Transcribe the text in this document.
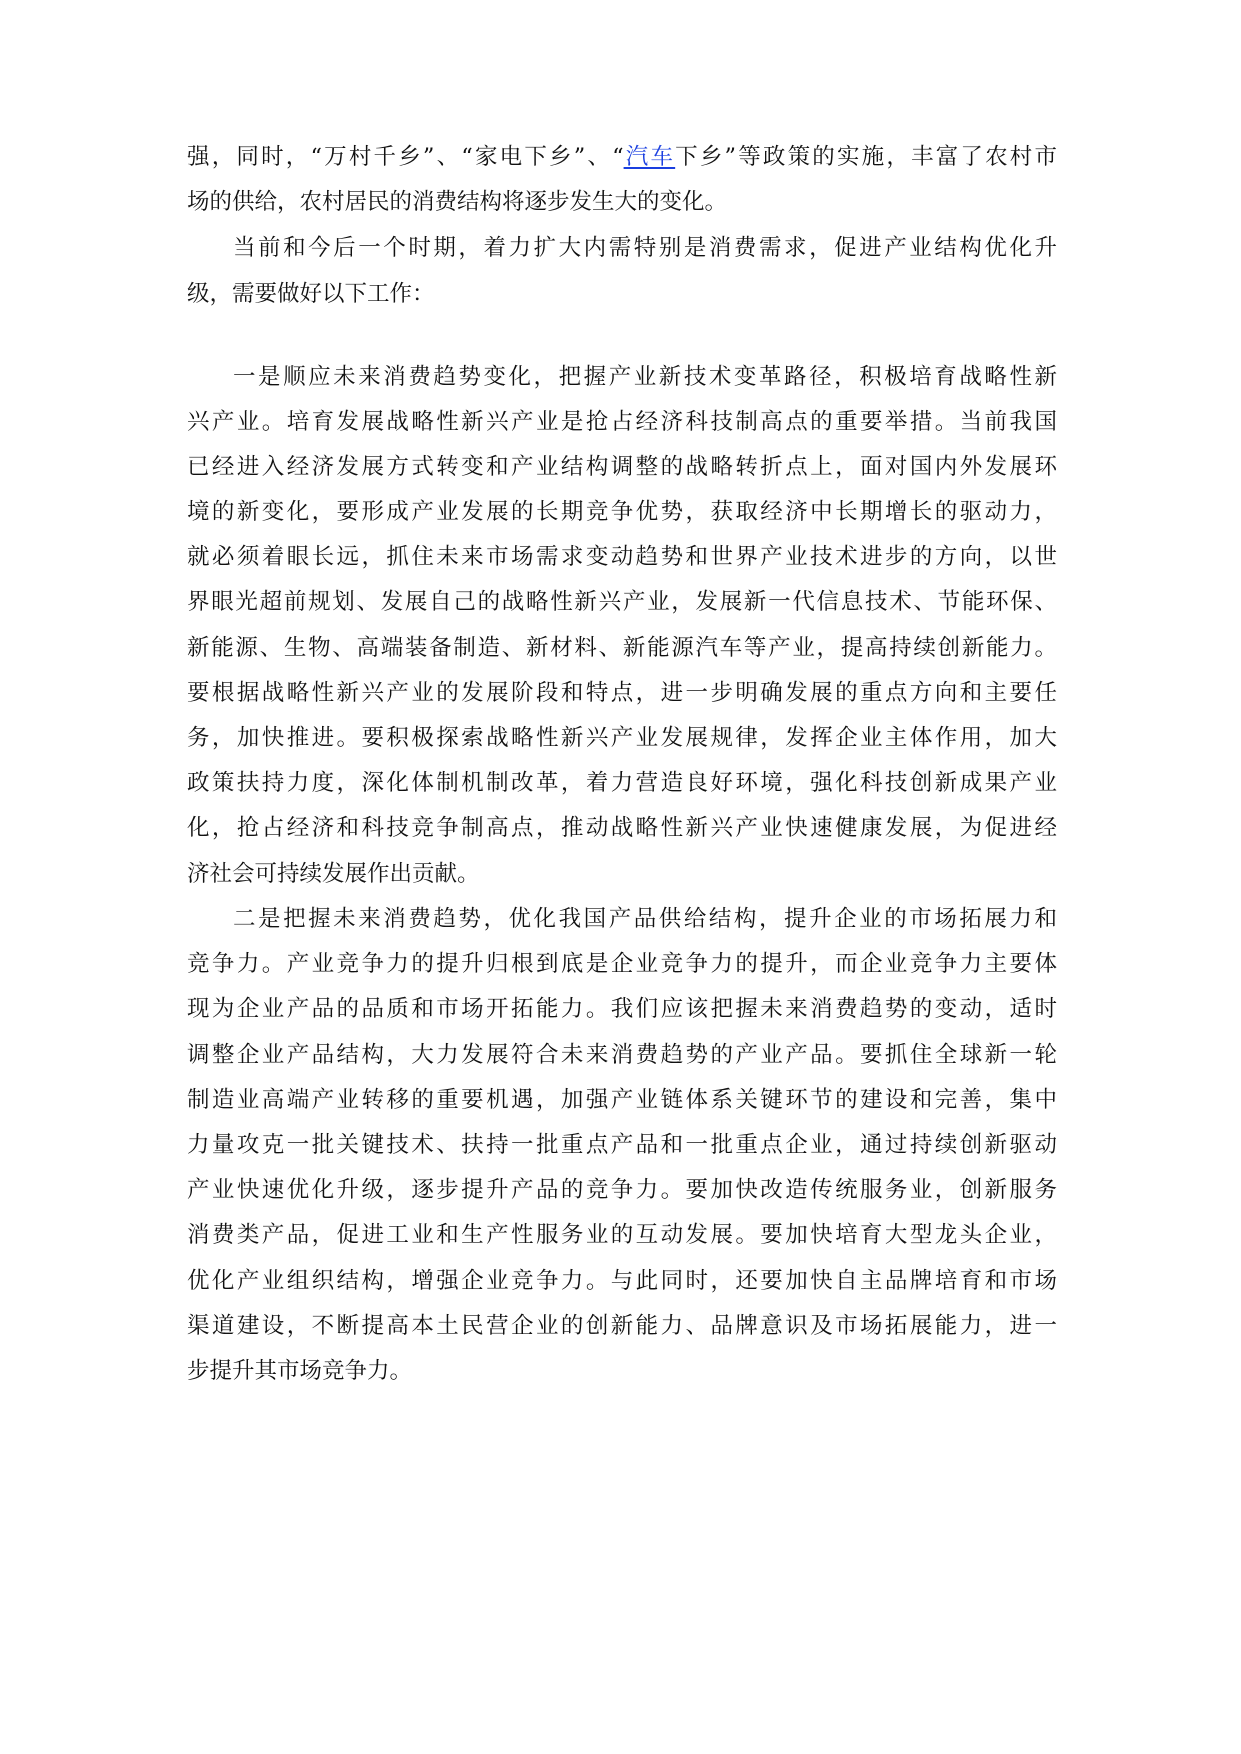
强，同时，“万村千乡”、“家电下乡”、“汽车下乡”等政策的实施，丰富了农村市
场的供给，农村居民的消费结构将逐步发生大的变化。
当前和今后一个时期，着力扩大内需特别是消费需求，促进产业结构优化升
级，需要做好以下工作：
一是顺应未来消费趋势变化，把握产业新技术变革路径，积极培育战略性新
兴产业。培育发展战略性新兴产业是抢占经济科技制高点的重要举措。当前我国
已经进入经济发展方式转变和产业结构调整的战略转折点上，面对国内外发展环
境的新变化，要形成产业发展的长期竞争优势，获取经济中长期增长的驱动力，
就必须着眼长远，抓住未来市场需求变动趋势和世界产业技术进步的方向，以世
界眼光超前规划、发展自己的战略性新兴产业，发展新一代信息技术、节能环保、
新能源、生物、高端装备制造、新材料、新能源汽车等产业，提高持续创新能力。
要根据战略性新兴产业的发展阶段和特点，进一步明确发展的重点方向和主要任
务，加快推进。要积极探索战略性新兴产业发展规律，发挥企业主体作用，加大
政策扶持力度，深化体制机制改革，着力营造良好环境，强化科技创新成果产业
化，抢占经济和科技竞争制高点，推动战略性新兴产业快速健康发展，为促进经
济社会可持续发展作出贡献。
二是把握未来消费趋势，优化我国产品供给结构，提升企业的市场拓展力和
竞争力。产业竞争力的提升归根到底是企业竞争力的提升，而企业竞争力主要体
现为企业产品的品质和市场开拓能力。我们应该把握未来消费趋势的变动，适时
调整企业产品结构，大力发展符合未来消费趋势的产业产品。要抓住全球新一轮
制造业高端产业转移的重要机遇，加强产业链体系关键环节的建设和完善，集中
力量攻克一批关键技术、扶持一批重点产品和一批重点企业，通过持续创新驱动
产业快速优化升级，逐步提升产品的竞争力。要加快改造传统服务业，创新服务
消费类产品，促进工业和生产性服务业的互动发展。要加快培育大型龙头企业，
优化产业组织结构，增强企业竞争力。与此同时，还要加快自主品牌培育和市场
渠道建设，不断提高本土民营企业的创新能力、品牌意识及市场拓展能力，进一
步提升其市场竞争力。
